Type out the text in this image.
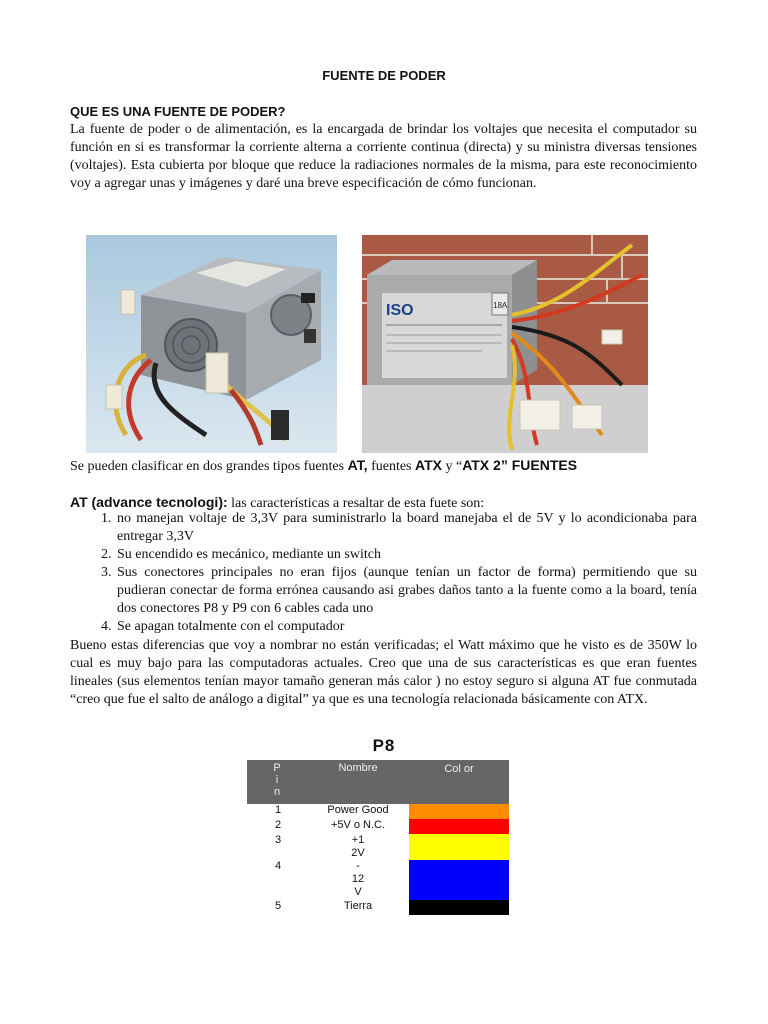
FUENTE DE PODER
QUE ES UNA FUENTE DE PODER?
La fuente de poder o de alimentación, es la encargada de brindar los voltajes que necesita el computador su función en si es transformar la corriente alterna a corriente continua (directa) y su ministra diversas tensiones (voltajes). Esta cubierta por bloque que reduce la radiaciones normales de la misma, para este reconocimiento voy a agregar unas y imágenes y daré una breve especificación de cómo funcionan.
ISO	18A
Se pueden clasificar en dos grandes tipos fuentes AT, fuentes ATX y “ATX 2” FUENTES
AT (advance tecnologi): las características a resaltar de esta fuete son:
1. no manejan voltaje de 3,3V para suministrarlo la board manejaba el de 5V y lo acondicionaba para entregar 3,3V
2. Su encendido es mecánico, mediante un switch
3. Sus conectores principales no eran fijos (aunque tenían un factor de forma) permitiendo que su pudieran conectar de forma errónea causando asi grabes daños tanto a la fuente como a la board, tenía dos conectores P8 y P9 con 6 cables cada uno
4. Se apagan totalmente con el computador
Bueno estas diferencias que voy a nombrar no están verificadas; el Watt máximo que he visto es de 350W lo cual es muy bajo para las computadoras actuales. Creo que una de sus características es que eran fuentes lineales (sus elementos tenían mayor tamaño generan más calor ) no estoy seguro si alguna AT fue conmutada “creo que fue el salto de análogo a digital” ya que es una tecnología relacionada básicamente con ATX.
P8
P
i
n	Nombre	Col or
1	Power Good	
2	+5V o N.C.	
3	+1
2V	

4	-
12
V	

5	Tierra	
